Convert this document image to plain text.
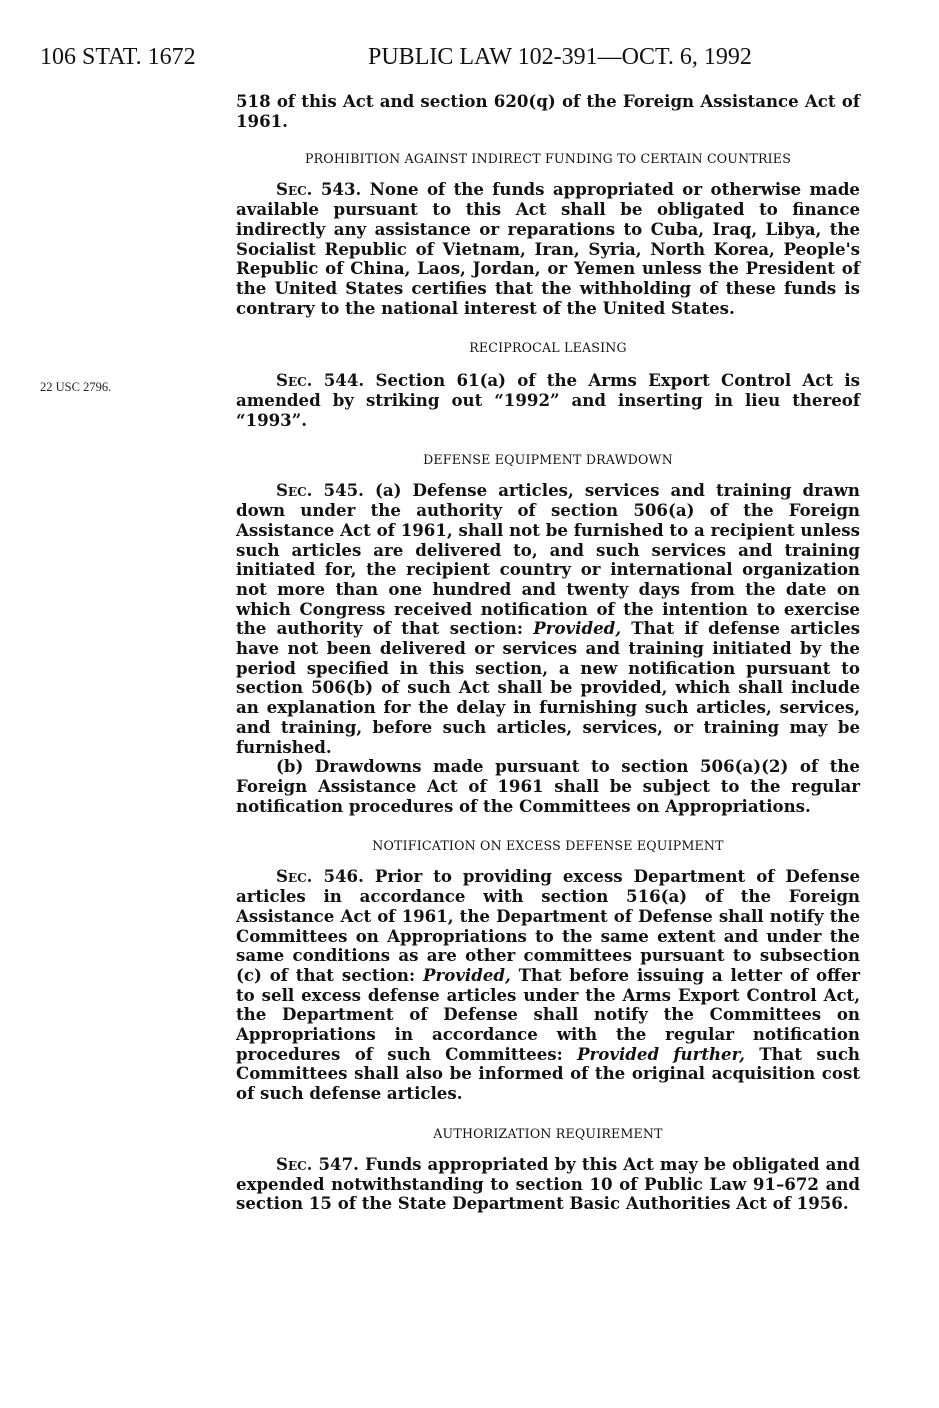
106 STAT. 1672	PUBLIC LAW 102-391—OCT. 6, 1992
22 USC 2796.

518 of this Act and section 620(q) of the Foreign Assistance Act of 1961.

PROHIBITION AGAINST INDIRECT FUNDING TO CERTAIN COUNTRIES

Sec. 543. None of the funds appropriated or otherwise made available pursuant to this Act shall be obligated to finance indirectly any assistance or reparations to Cuba, Iraq, Libya, the Socialist Republic of Vietnam, Iran, Syria, North Korea, People's Republic of China, Laos, Jordan, or Yemen unless the President of the United States certifies that the withholding of these funds is contrary to the national interest of the United States.

RECIPROCAL LEASING

Sec. 544. Section 61(a) of the Arms Export Control Act is amended by striking out “1992” and inserting in lieu thereof “1993”.

DEFENSE EQUIPMENT DRAWDOWN

Sec. 545. (a) Defense articles, services and training drawn down under the authority of section 506(a) of the Foreign Assistance Act of 1961, shall not be furnished to a recipient unless such articles are delivered to, and such services and training initiated for, the recipient country or international organization not more than one hundred and twenty days from the date on which Congress received notification of the intention to exercise the authority of that section: Provided, That if defense articles have not been delivered or services and training initiated by the period specified in this section, a new notification pursuant to section 506(b) of such Act shall be provided, which shall include an explanation for the delay in furnishing such articles, services, and training, before such articles, services, or training may be furnished.

(b) Drawdowns made pursuant to section 506(a)(2) of the Foreign Assistance Act of 1961 shall be subject to the regular notification procedures of the Committees on Appropriations.

NOTIFICATION ON EXCESS DEFENSE EQUIPMENT

Sec. 546. Prior to providing excess Department of Defense articles in accordance with section 516(a) of the Foreign Assistance Act of 1961, the Department of Defense shall notify the Committees on Appropriations to the same extent and under the same conditions as are other committees pursuant to subsection (c) of that section: Provided, That before issuing a letter of offer to sell excess defense articles under the Arms Export Control Act, the Department of Defense shall notify the Committees on Appropriations in accordance with the regular notification procedures of such Committees: Provided further, That such Committees shall also be informed of the original acquisition cost of such defense articles.

AUTHORIZATION REQUIREMENT

Sec. 547. Funds appropriated by this Act may be obligated and expended notwithstanding to section 10 of Public Law 91–672 and section 15 of the State Department Basic Authorities Act of 1956.
